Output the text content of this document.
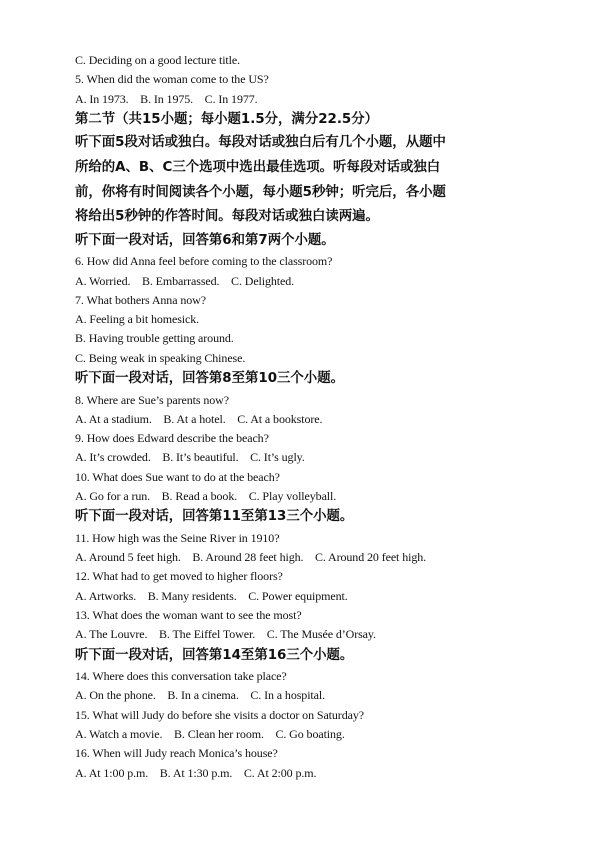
C. Deciding on a good lecture title.
5. When did the woman come to the US?
A. In 1973.    B. In 1975.    C. In 1977.
第二节（共15小题；每小题1.5分，满分22.5分）
听下面5段对话或独白。每段对话或独白后有几个小题，从题中
所给的A、B、C三个选项中选出最佳选项。听每段对话或独白
前，你将有时间阅读各个小题，每小题5秒钟；听完后，各小题
将给出5秒钟的作答时间。每段对话或独白读两遍。
听下面一段对话，回答第6和第7两个小题。
6. How did Anna feel before coming to the classroom?
A. Worried.    B. Embarrassed.    C. Delighted.
7. What bothers Anna now?
A. Feeling a bit homesick.
B. Having trouble getting around.
C. Being weak in speaking Chinese.
听下面一段对话，回答第8至第10三个小题。
8. Where are Sue’s parents now?
A. At a stadium.    B. At a hotel.    C. At a bookstore.
9. How does Edward describe the beach?
A. It’s crowded.    B. It’s beautiful.    C. It’s ugly.
10. What does Sue want to do at the beach?
A. Go for a run.    B. Read a book.    C. Play volleyball.
听下面一段对话，回答第11至第13三个小题。
11. How high was the Seine River in 1910?
A. Around 5 feet high.    B. Around 28 feet high.    C. Around 20 feet high.
12. What had to get moved to higher floors?
A. Artworks.    B. Many residents.    C. Power equipment.
13. What does the woman want to see the most?
A. The Louvre.    B. The Eiffel Tower.    C. The Musée d’Orsay.
听下面一段对话，回答第14至第16三个小题。
14. Where does this conversation take place?
A. On the phone.    B. In a cinema.    C. In a hospital.
15. What will Judy do before she visits a doctor on Saturday?
A. Watch a movie.    B. Clean her room.    C. Go boating.
16. When will Judy reach Monica’s house?
A. At 1:00 p.m.    B. At 1:30 p.m.    C. At 2:00 p.m.
